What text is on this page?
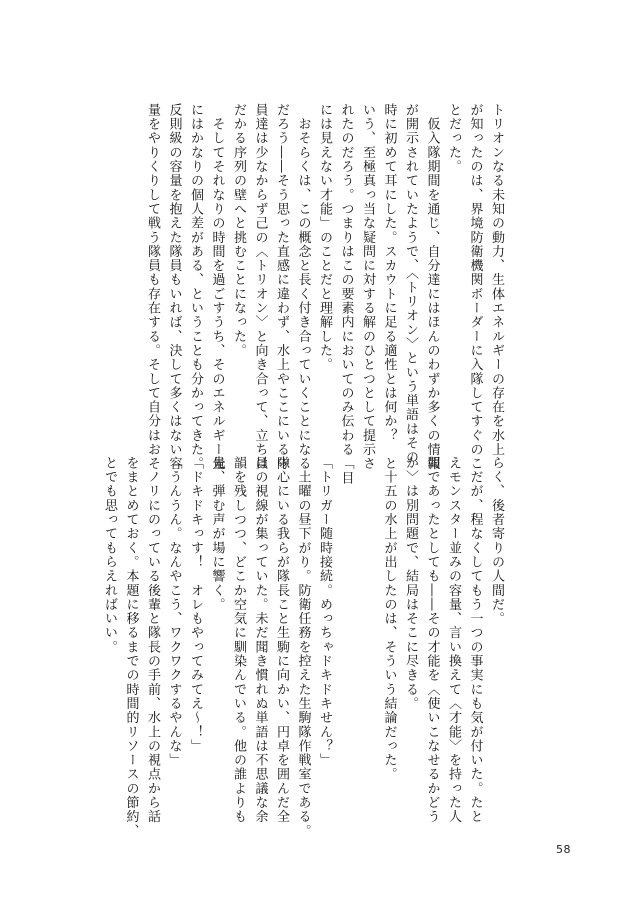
トリオンなる未知の動力、生体エネルギーの存在を水上
が知ったのは、界境防衛機関ボーダーに入隊してすぐのこ
とだった。
　仮入隊期間を通じ、自分達にはほんのわずか多くの情報
が開示されていたようで、〈トリオン〉という単語はその
時に初めて耳にした。スカウトに足る適性とは何か？　と
いう、至極真っ当な疑問に対する解のひとつとして提示さ
れたのだろう。つまりはこの要素内においてのみ伝わる「目
には見えない才能」のことだと理解した。
　おそらくは、この概念と長く付き合っていくことになる
だろう――そう思った直感に違わず、水上やここにいる隊
員達は少なからず己の〈トリオン〉と向き合って、立ちは
だかる序列の壁へと挑むことになった。
　そしてそれなりの時間を過ごすうち、そのエネルギー量
にはかなりの個人差がある、ということも分かってきた。
反則級の容量を抱えた隊員もいれば、決して多くはない容
量をやりくりして戦う隊員も存在する。そして自分はおそ
らく、後者寄りの人間だ。
　だが、程なくしてもう一つの事実にも気が付いた。たと
えモンスター並みの容量、言い換えて〈才能〉を持った人
間であったとしても――その才能を〈使いこなせるかどう
か〉は別問題で、結局はそこに尽きる。
　十五の水上が出したのは、そういう結論だった。

「トリガー随時接続。めっちゃドキドキせん？」
　土曜の昼下がり。防衛任務を控えた生駒隊作戦室である。
中心にいる我らが隊長こと生駒に向かい、円卓を囲んだ全
員の視線が集っていた。未だ聞き慣れぬ単語は不思議な余
韻を残しつつ、どこか空気に馴染んでいる。他の誰よりも
先、弾む声が場に響く。
「ドキドキっす！　オレもやってみてえ〜！」
「うんうん。なんやこう、ワクワクするやんな」
　ノリにのっている後輩と隊長の手前、水上の視点から話
をまとめておく。本題に移るまでの時間的リソースの節約、
とでも思ってもらえればいい。
58
